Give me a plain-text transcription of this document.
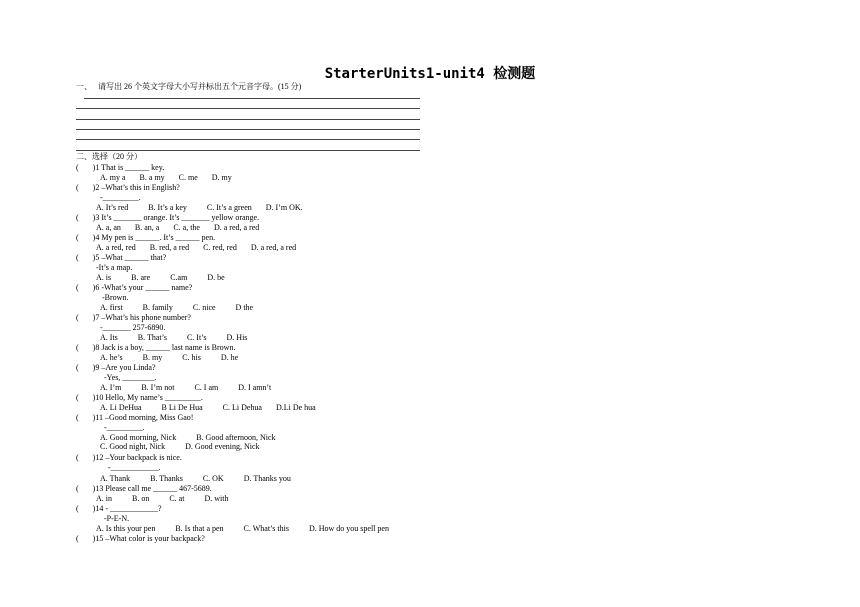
StarterUnits1-unit4 检测题
一、   请写出 26 个英文字母大小写并标出五个元音字母。(15 分)
二、选择（20 分）
(       )1 That is ______ key.
A. my a       B. a my       C. me       D. my
(       )2 –What’s this in English?
-_________.
A. It’s red          B. It’s a key          C. It’s a green       D. I’m OK.
(       )3 It’s _______ orange. It’s _______ yellow orange.
A. a, an       B. an, a       C. a, the       D. a red, a red
(       )4 My pen is ______. It’s ______ pen.
A. a red, red       B. red, a red       C. red, red       D. a red, a red
(       )5 –What ______ that?
-It’s a map.
A. is          B. are          C.am          D. be
(       )6 -What’s your ______ name?
-Brown.
A. first          B. family          C. nice          D the
(       )7 –What’s his phone number?
-_______ 257-6890.
A. Its          B. That’s          C. It’s          D. His
(       )8 Jack is a boy, ______ last name is Brown.
A. he’s          B. my          C. his          D. he
(       )9 –Are you Linda?
-Yes, ________.
A. I’m          B. I’m not          C. I am          D. I amn’t
(       )10 Hello, My name’s _________.
A. Li DeHua          B Li De Hua          C. Li Dehua       D.Li De hua
(       )11 –Good morning, Miss Gao!
-_________.
A. Good morning, Nick          B. Good afternoon, Nick
C. Good night, Nick          D. Good evening, Nick
(       )12 –Your backpack is nice.
-____________.
A. Thank          B. Thanks          C. OK          D. Thanks you
(       )13 Please call me ______ 467-5689.
A. in          B. on          C. at          D. with
(       )14 - ____________?
-P-E-N.
A. Is this your pen          B. Is that a pen          C. What’s this          D. How do you spell pen
(       )15 –What color is your backpack?
